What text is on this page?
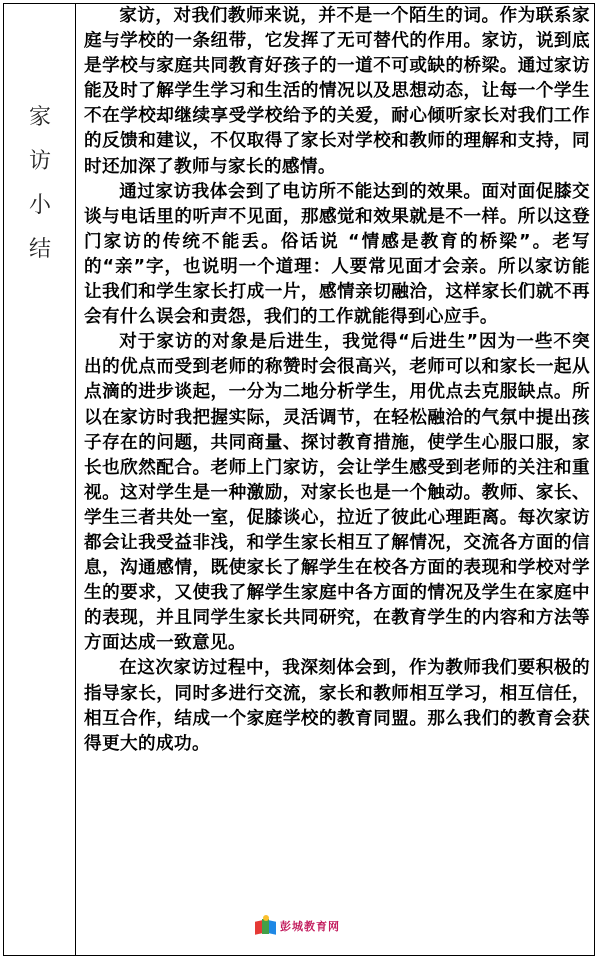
家
访
小
结

家访，对我们教师来说，并不是一个陌生的词。作为联系家庭与学校的一条纽带，它发挥了无可替代的作用。家访，说到底是学校与家庭共同教育好孩子的一道不可或缺的桥梁。通过家访能及时了解学生学习和生活的情况以及思想动态，让每一个学生不在学校却继续享受学校给予的关爱，耐心倾听家长对我们工作的反馈和建议，不仅取得了家长对学校和教师的理解和支持，同时还加深了教师与家长的感情。

通过家访我体会到了电访所不能达到的效果。面对面促膝交谈与电话里的听声不见面，那感觉和效果就是不一样。所以这登门家访的传统不能丢。俗话说 “情感是教育的桥梁”。老写的“亲”字，也说明一个道理：人要常见面才会亲。所以家访能让我们和学生家长打成一片，感情亲切融洽，这样家长们就不再会有什么误会和责怨，我们的工作就能得到心应手。

对于家访的对象是后进生，我觉得“后进生”因为一些不突出的优点而受到老师的称赞时会很高兴，老师可以和家长一起从点滴的进步谈起，一分为二地分析学生，用优点去克服缺点。所以在家访时我把握实际，灵活调节，在轻松融洽的气氛中提出孩子存在的问题，共同商量、探讨教育措施，使学生心服口服，家长也欣然配合。老师上门家访，会让学生感受到老师的关注和重视。这对学生是一种激励，对家长也是一个触动。教师、家长、学生三者共处一室，促膝谈心，拉近了彼此心理距离。每次家访都会让我受益非浅，和学生家长相互了解情况，交流各方面的信息，沟通感情，既使家长了解学生在校各方面的表现和学校对学生的要求，又使我了解学生家庭中各方面的情况及学生在家庭中的表现，并且同学生家长共同研究，在教育学生的内容和方法等方面达成一致意见。

在这次家访过程中，我深刻体会到，作为教师我们要积极的指导家长，同时多进行交流，家长和教师相互学习，相互信任，相互合作，结成一个家庭学校的教育同盟。那么我们的教育会获得更大的成功。

彭城教育网
